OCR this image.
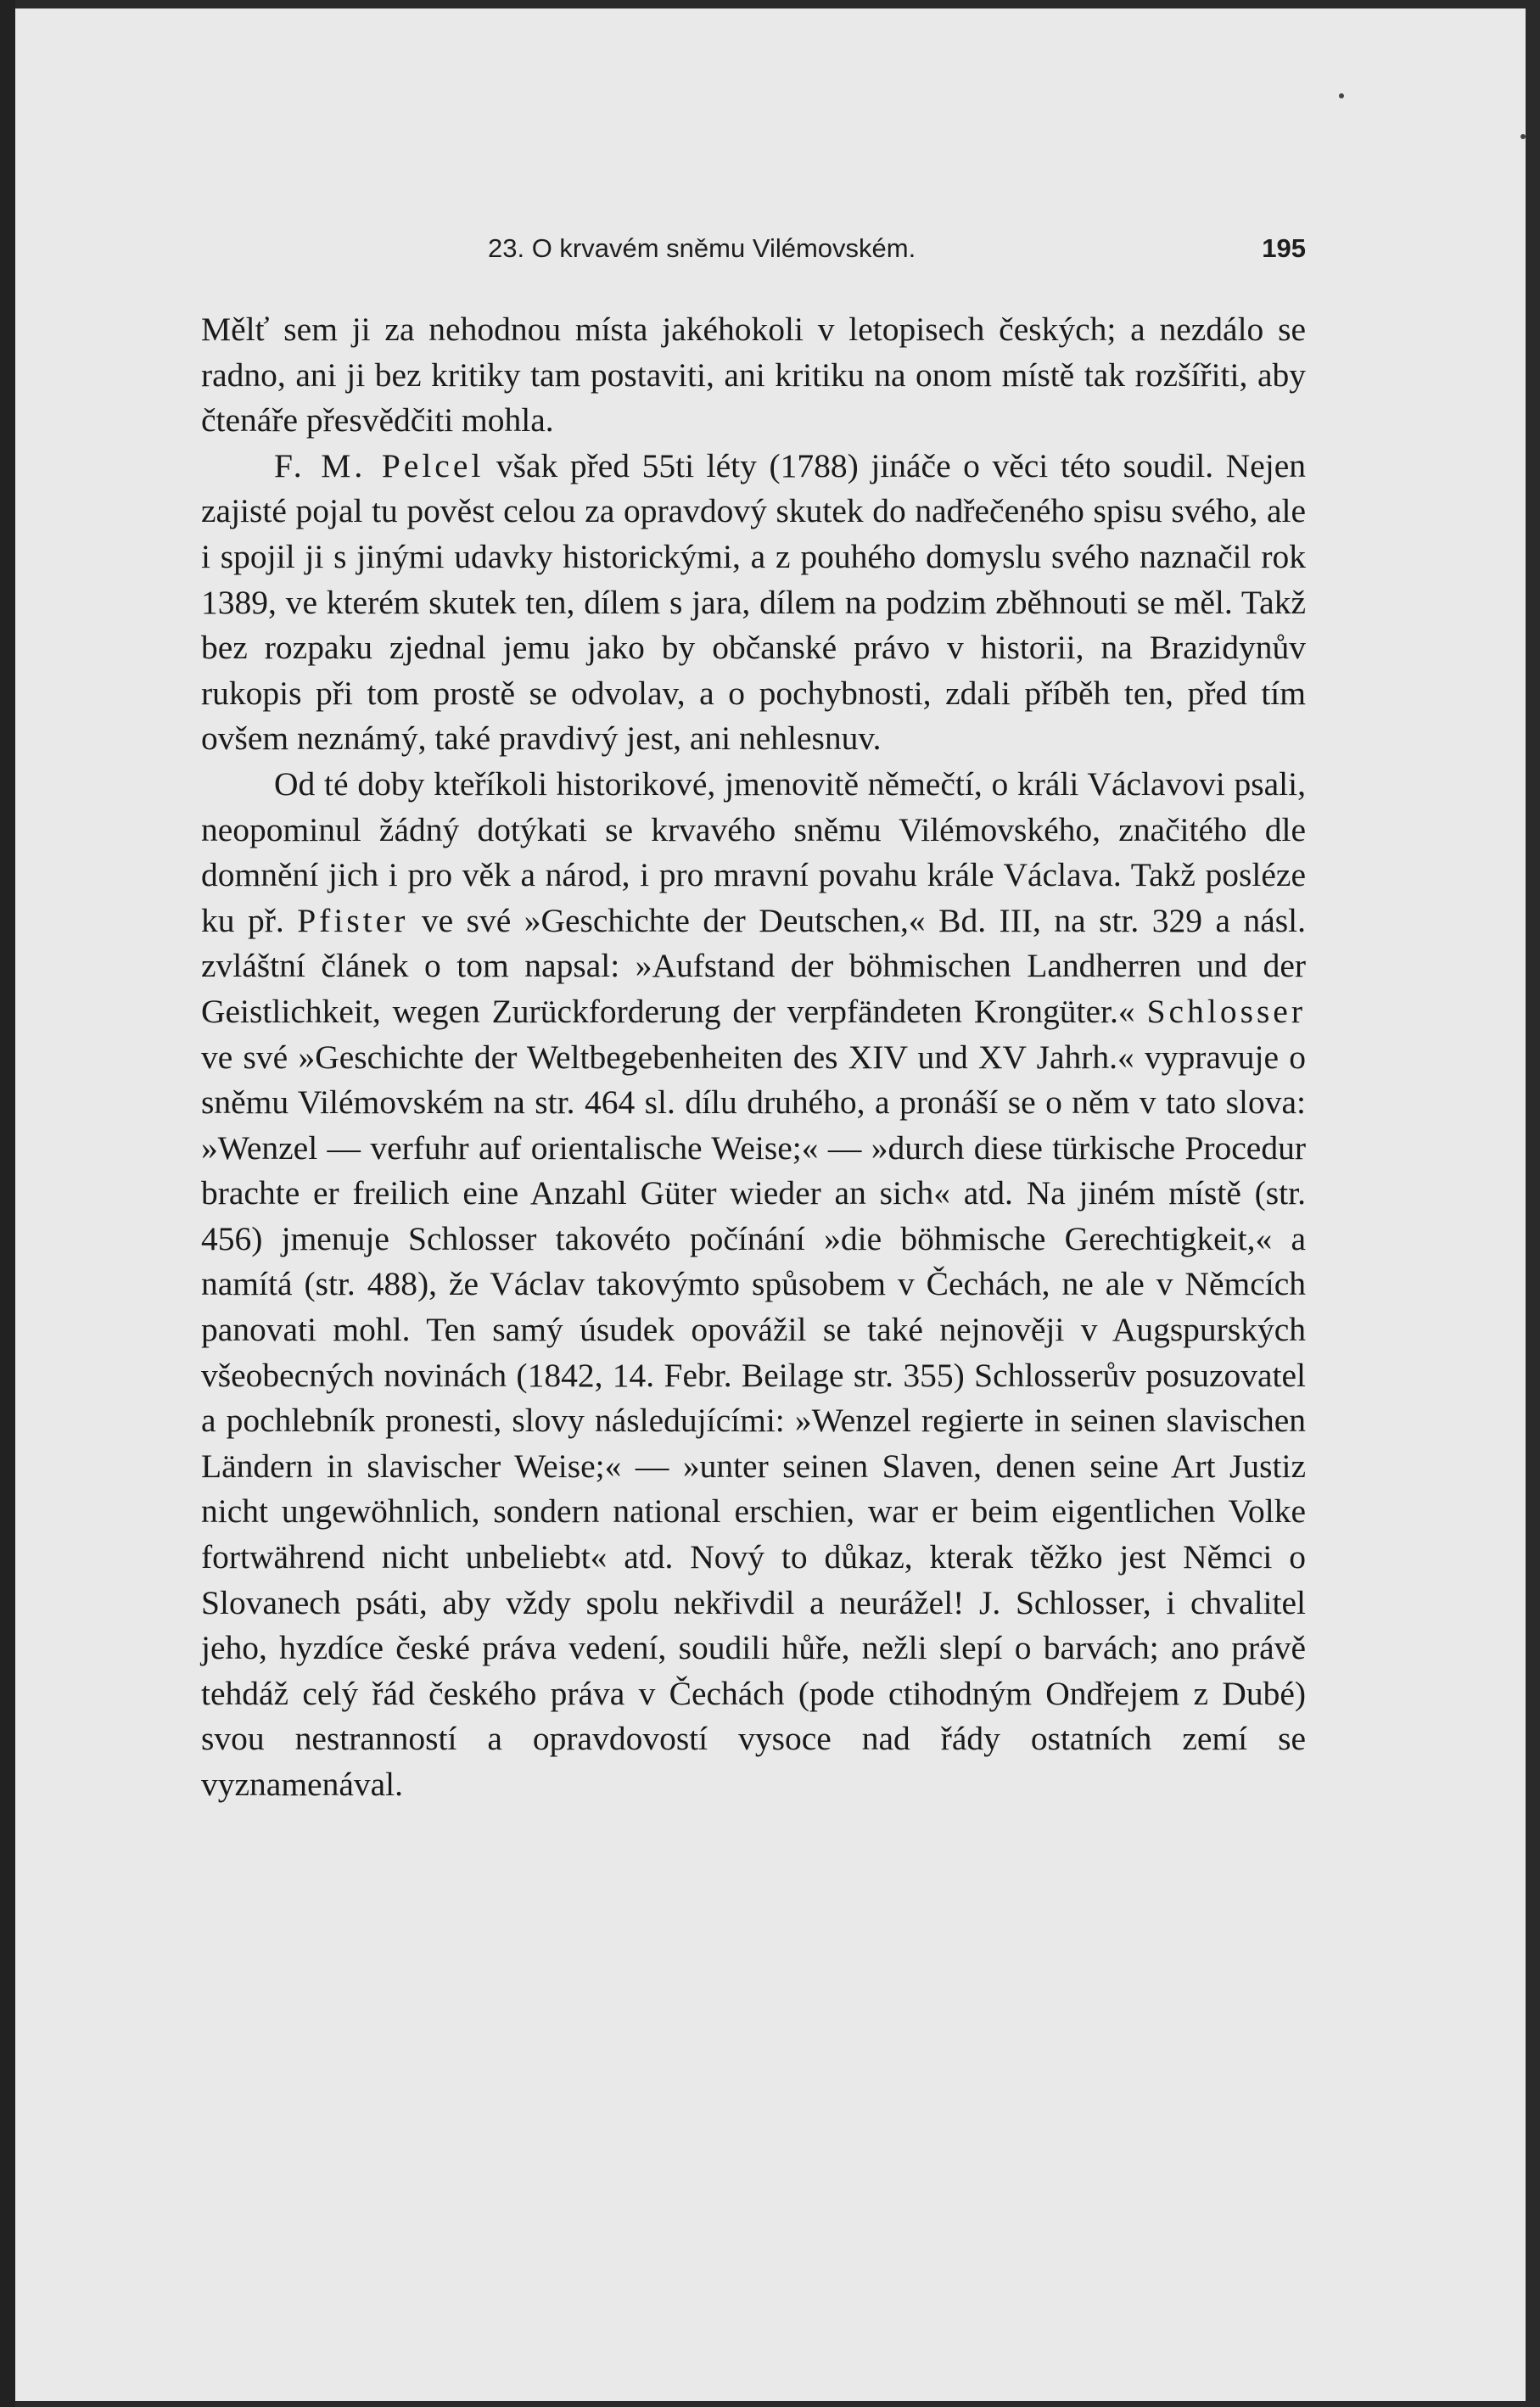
23. O krvavém sněmu Vilémovském.	195

Mělť sem ji za nehodnou místa jakéhokoli v letopisech českých; a nezdálo se radno, ani ji bez kritiky tam postaviti, ani kritiku na onom místě tak rozšířiti, aby čtenáře přesvědčiti mohla.

F. M. Pelcel však před 55ti léty (1788) jináče o věci této soudil. Nejen zajisté pojal tu pověst celou za opravdový skutek do nadřečeného spisu svého, ale i spojil ji s jinými udavky historickými, a z pouhého domyslu svého naznačil rok 1389, ve kterém skutek ten, dílem s jara, dílem na podzim zběhnouti se měl. Takž bez rozpaku zjednal jemu jako by občanské právo v historii, na Brazidynův rukopis při tom prostě se odvolav, a o pochybnosti, zdali příběh ten, před tím ovšem neznámý, také pravdivý jest, ani nehlesnuv.

Od té doby kteříkoli historikové, jmenovitě němečtí, o králi Václavovi psali, neopominul žádný dotýkati se krvavého sněmu Vilémovského, značitého dle domnění jich i pro věk a národ, i pro mravní povahu krále Václava. Takž posléze ku př. Pfister ve své »Geschichte der Deutschen,« Bd. III, na str. 329 a násl. zvláštní článek o tom napsal: »Aufstand der böhmischen Landherren und der Geistlichkeit, wegen Zurückforderung der verpfändeten Krongüter.« Schlosser ve své »Geschichte der Weltbegebenheiten des XIV und XV Jahrh.« vypravuje o sněmu Vilémovském na str. 464 sl. dílu druhého, a pronáší se o něm v tato slova: »Wenzel — verfuhr auf orientalische Weise;« — »durch diese türkische Procedur brachte er freilich eine Anzahl Güter wieder an sich« atd. Na jiném místě (str. 456) jmenuje Schlosser takovéto počínání »die böhmische Gerechtigkeit,« a namítá (str. 488), že Václav takovýmto spůsobem v Čechách, ne ale v Němcích panovati mohl. Ten samý úsudek opovážil se také nejnověji v Augspurských všeobecných novinách (1842, 14. Febr. Beilage str. 355) Schlosserův posuzovatel a pochlebník pronesti, slovy následujícími: »Wenzel regierte in seinen slavischen Ländern in slavischer Weise;« — »unter seinen Slaven, denen seine Art Justiz nicht ungewöhnlich, sondern national erschien, war er beim eigentlichen Volke fortwährend nicht unbeliebt« atd. Nový to důkaz, kterak těžko jest Němci o Slovanech psáti, aby vždy spolu nekřivdil a neurážel! J. Schlosser, i chvalitel jeho, hyzdíce české práva vedení, soudili hůře, nežli slepí o barvách; ano právě tehdáž celý řád českého práva v Čechách (pode ctihodným Ondřejem z Dubé) svou nestranností a opravdovostí vysoce nad řády ostatních zemí se vyznamenával.
